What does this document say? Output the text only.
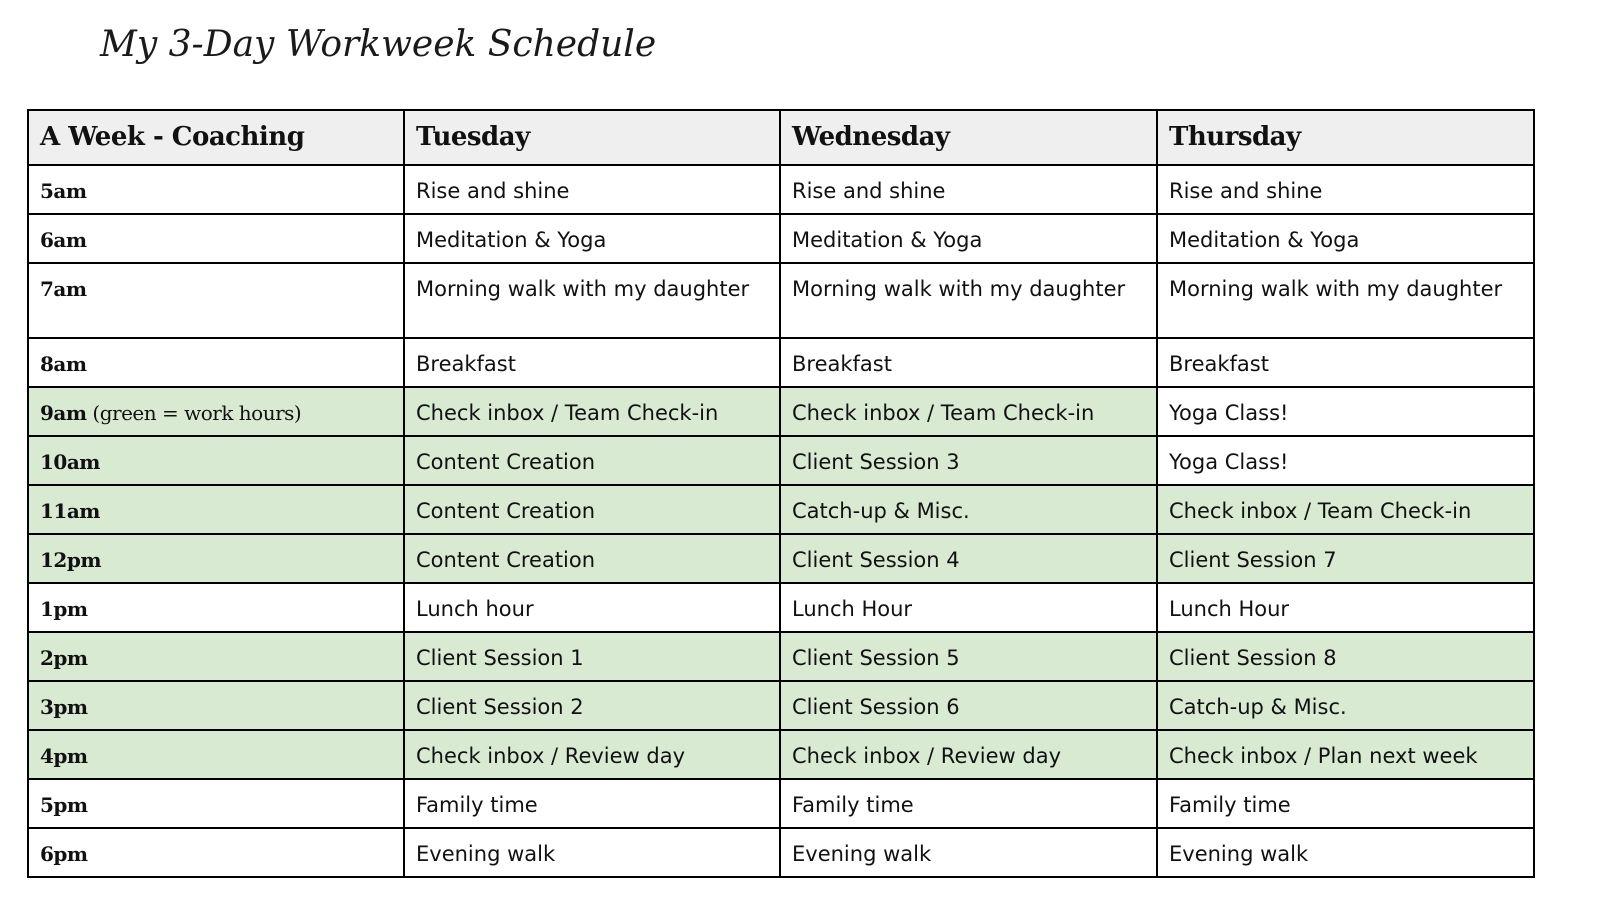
My 3-Day Workweek Schedule
A Week - Coaching	Tuesday	Wednesday	Thursday
5am	Rise and shine	Rise and shine	Rise and shine
6am	Meditation & Yoga	Meditation & Yoga	Meditation & Yoga
7am	Morning walk with my daughter	Morning walk with my daughter	Morning walk with my daughter
8am	Breakfast	Breakfast	Breakfast
9am (green = work hours)	Check inbox / Team Check-in	Check inbox / Team Check-in	Yoga Class!
10am	Content Creation	Client Session 3	Yoga Class!
11am	Content Creation	Catch-up & Misc.	Check inbox / Team Check-in
12pm	Content Creation	Client Session 4	Client Session 7
1pm	Lunch hour	Lunch Hour	Lunch Hour
2pm	Client Session 1	Client Session 5	Client Session 8
3pm	Client Session 2	Client Session 6	Catch-up & Misc.
4pm	Check inbox / Review day	Check inbox / Review day	Check inbox / Plan next week
5pm	Family time	Family time	Family time
6pm	Evening walk	Evening walk	Evening walk
